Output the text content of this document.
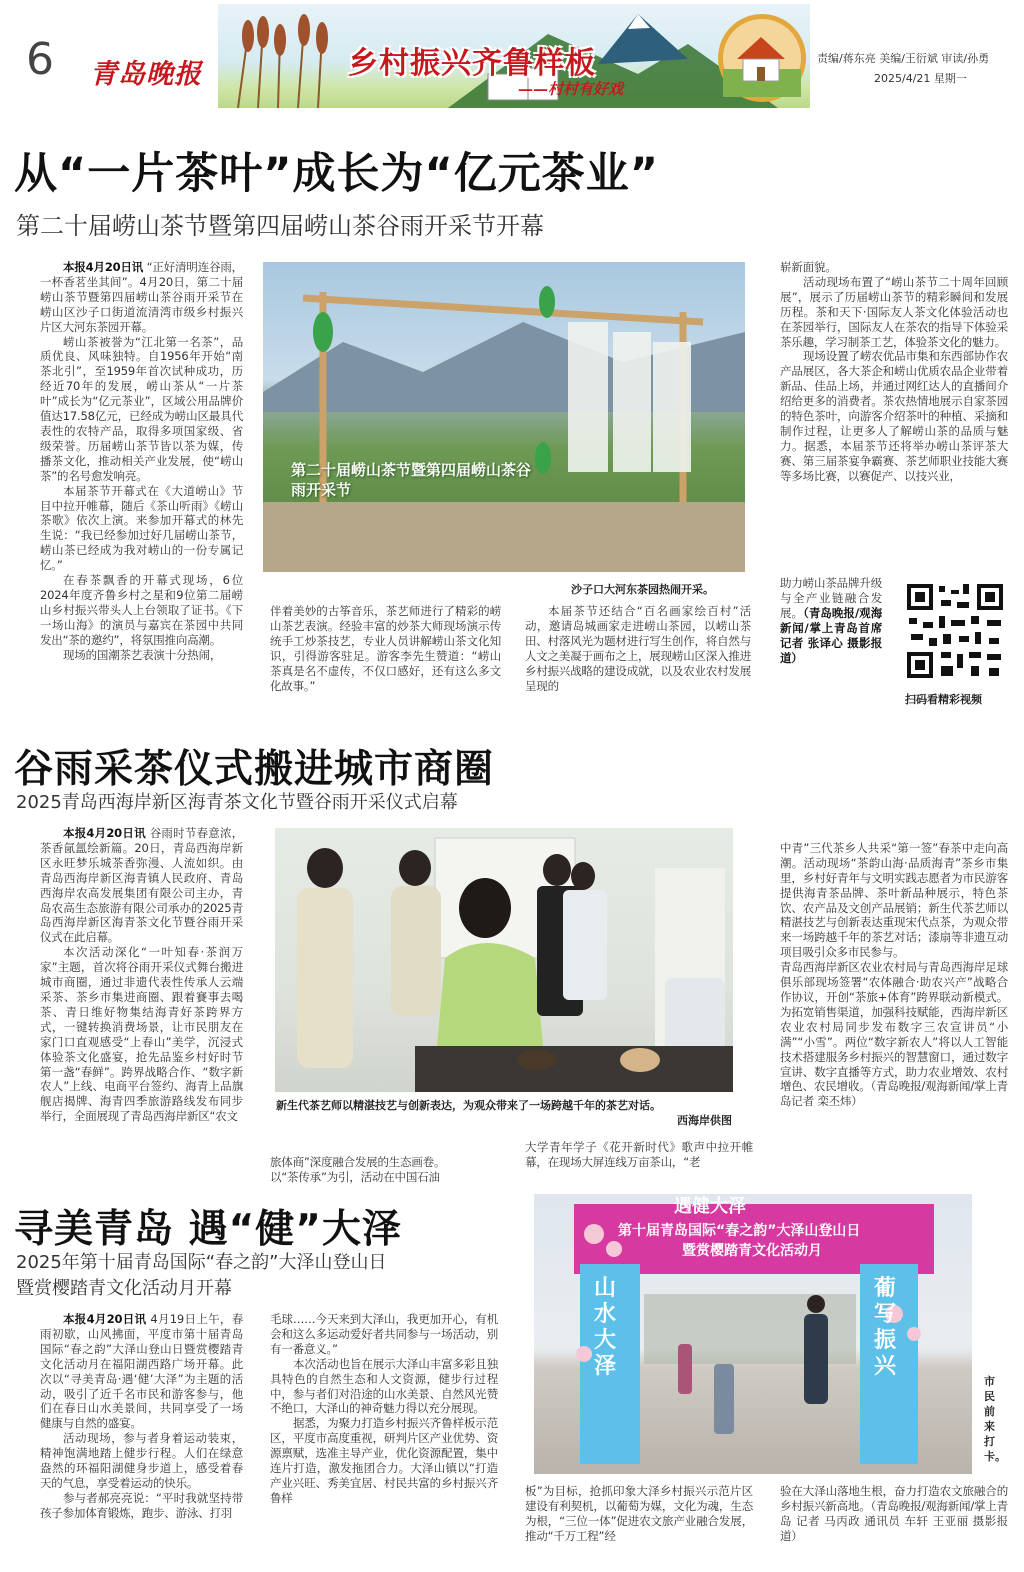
6 青岛晚报	乡村振兴齐鲁样板
——村村有好戏
责编/蒋东亮 美编/王衍斌 审读/孙勇
2025/4/21 星期一
从“一片茶叶”成长为“亿元茶业”
第二十届崂山茶节暨第四届崂山茶谷雨开采节开幕

本报4月20日讯 “正好清明连谷雨，一杯香茗坐其间”。4月20日，第二十届崂山茶节暨第四届崂山茶谷雨开采节在崂山区沙子口街道流清湾市级乡村振兴片区大河东茶园开幕。

崂山茶被誉为“江北第一名茶”，品质优良、风味独特。自1956年开始“南茶北引”，至1959年首次试种成功，历经近70年的发展，崂山茶从“一片茶叶”成长为“亿元茶业”，区域公用品牌价值达17.58亿元，已经成为崂山区最具代表性的农特产品，取得多项国家级、省级荣誉。历届崂山茶节皆以茶为媒，传播茶文化，推动相关产业发展，使“崂山茶”的名号愈发响亮。

本届茶节开幕式在《大道崂山》节目中拉开帷幕，随后《茶山听雨》《崂山茶歌》依次上演。来参加开幕式的林先生说：“我已经参加过好几届崂山茶节，崂山茶已经成为我对崂山的一份专属记忆。”

在春茶飘香的开幕式现场，6位2024年度齐鲁乡村之星和9位第二届崂山乡村振兴带头人上台领取了证书。《下一场山海》的演员与嘉宾在茶园中共同发出“茶的邀约”，将氛围推向高潮。

现场的国潮茶艺表演十分热闹，

第二十届崂山茶节暨第四届崂山茶谷雨开采节
沙子口大河东茶园热闹开采。

伴着美妙的古筝音乐，茶艺师进行了精彩的崂山茶艺表演。经验丰富的炒茶大师现场演示传统手工炒茶技艺，专业人员讲解崂山茶文化知识，引得游客驻足。游客李先生赞道：“崂山茶真是名不虚传，不仅口感好，还有这么多文化故事。”

本届茶节还结合“百名画家绘百村”活动，邀请岛城画家走进崂山茶园，以崂山茶田、村落风光为题材进行写生创作，将自然与人文之美凝于画布之上，展现崂山区深入推进乡村振兴战略的建设成就，以及农业农村发展呈现的

崭新面貌。

活动现场布置了“崂山茶节二十周年回顾展”，展示了历届崂山茶节的精彩瞬间和发展历程。茶和天下·国际友人茶文化体验活动也在茶园举行，国际友人在茶农的指导下体验采茶乐趣，学习制茶工艺，体验茶文化的魅力。

现场设置了崂农优品市集和东西部协作农产品展区，各大茶企和崂山优质农品企业带着新品、佳品上场，并通过网红达人的直播间介绍给更多的消费者。茶农热情地展示自家茶园的特色茶叶，向游客介绍茶叶的种植、采摘和制作过程，让更多人了解崂山茶的品质与魅力。据悉，本届茶节还将举办崂山茶评茶大赛、第三届茶宴争霸赛、茶艺师职业技能大赛等多场比赛，以赛促产、以技兴业，

助力崂山茶品牌升级与全产业链融合发展。（青岛晚报/观海新闻/掌上青岛首席记者 张译心 摄影报道）

扫码看精彩视频
谷雨采茶仪式搬进城市商圈
2025青岛西海岸新区海青茶文化节暨谷雨开采仪式启幕

本报4月20日讯 谷雨时节春意浓，茶香氤氲绘新篇。20日，青岛西海岸新区永旺梦乐城茶香弥漫、人流如织。由青岛西海岸新区海青镇人民政府、青岛西海岸农高发展集团有限公司主办，青岛农高生态旅游有限公司承办的2025青岛西海岸新区海青茶文化节暨谷雨开采仪式在此启幕。

本次活动深化“一叶知春·茶润万家”主题，首次将谷雨开采仪式舞台搬进城市商圈，通过非遗代表性传承人云端采茶、茶乡市集进商圈、跟着賽事去喝茶、青日维好物集结海青好茶跨界方式，一键转换消费场景，让市民朋友在家门口直观感受“上春山”美学，沉浸式体验茶文化盛宴，抢先品鉴乡村好时节第一盏“春鲜”。跨界战略合作、“数字新农人”上线、电商平台签约、海青上品旗舰店揭牌、海青四季旅游路线发布同步举行，全面展现了青岛西海岸新区“农文

新生代茶艺师以精湛技艺与创新表达，为观众带来了一场跨越千年的茶艺对话。
西海岸供图

旅体商”深度融合发展的生态画卷。
以“茶传承”为引，活动在中国石油

大学青年学子《花开新时代》歌声中拉开帷幕，在现场大屏连线万亩茶山，“老

中青”三代茶乡人共采“第一签”春茶中走向高潮。活动现场“茶韵山海·品质海青”茶乡市集里，乡村好青年与文明实践志愿者为市民游客提供海青茶品牌、茶叶新品种展示，特色茶饮、农产品及文创产品展销；新生代茶艺师以精湛技艺与创新表达重现宋代点茶，为观众带来一场跨越千年的茶艺对话；漆扇等非遗互动项目吸引众多市民参与。
青岛西海岸新区农业农村局与青岛西海岸足球俱乐部现场签署“农体融合·助农兴产”战略合作协议，开创“茶旅+体育”跨界联动新模式。为拓宽销售渠道，加强科技赋能，西海岸新区农业农村局同步发布数字三农宣讲员“小满”“小雪”。两位“数字新农人”将以人工智能技术搭建服务乡村振兴的智慧窗口，通过数字宣讲、数字直播等方式，助力农业增效、农村增色、农民增收。（青岛晚报/观海新闻/掌上青岛记者 栾丕炜）

寻美青岛 遇“健”大泽
2025年第十届青岛国际“春之韵”大泽山登山日
暨赏樱踏青文化活动月开幕

本报4月20日讯 4月19日上午，春雨初歇，山风拂面，平度市第十届青岛国际“春之韵”大泽山登山日暨赏樱踏青文化活动月在福阳湖西路广场开幕。此次以“寻美青岛·遇‘健’大泽”为主题的活动，吸引了近千名市民和游客参与，他们在春日山水美景间，共同享受了一场健康与自然的盛宴。

活动现场，参与者身着运动装束，精神饱满地踏上健步行程。人们在绿意盎然的环福阳湖健身步道上，感受着春天的气息，享受着运动的快乐。

参与者郝亮亮说：“平时我就坚持带孩子参加体育锻炼，跑步、游泳、打羽

毛球……今天来到大泽山，我更加开心，有机会和这么多运动爱好者共同参与一场活动，别有一番意义。”

本次活动也旨在展示大泽山丰富多彩且独具特色的自然生态和人文资源，健步行过程中，参与者们对沿途的山水美景、自然风光赞不绝口，大泽山的神奇魅力得以充分展现。

据悉，为聚力打造乡村振兴齐鲁样板示范区，平度市高度重视，研判片区产业优势、资源禀赋，选准主导产业，优化资源配置，集中连片打造，激发拖团合力。大泽山镇以“打造产业兴旺、秀美宜居、村民共富的乡村振兴齐鲁样

遇健大泽
第十届青岛国际“春之韵”大泽山登山日
暨赏樱踏青文化活动月
山水大泽
葡写振兴
市民前来打卡。

板”为目标，抢抓印象大泽乡村振兴示范片区建设有利契机，以葡萄为媒，文化为魂，生态为根，“三位一体”促进农文旅产业融合发展，推动“千万工程”经

验在大泽山落地生根，奋力打造农文旅融合的乡村振兴新高地。（青岛晚报/观海新闻/掌上青岛 记者 马丙政 通讯员 车轩 王亚丽 摄影报道）
